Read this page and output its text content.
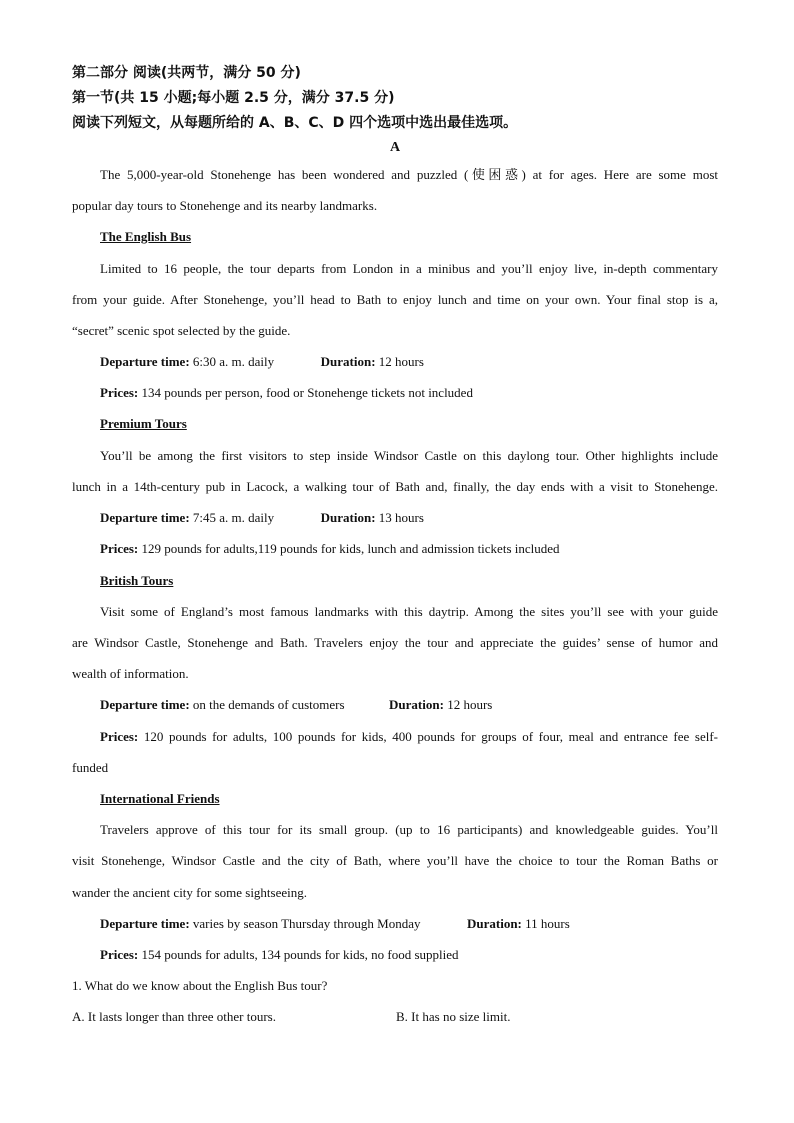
第二部分 阅读(共两节，满分 50 分)
第一节(共 15 小题;每小题 2.5 分，满分 37.5 分)
阅读下列短文，从每题所给的 A、B、C、D 四个选项中选出最佳选项。
A
The 5,000-year-old Stonehenge has been wondered and puzzled (使困惑) at for ages. Here are some most
popular day tours to Stonehenge and its nearby landmarks.
The English Bus
Limited to 16 people, the tour departs from London in a minibus and you’ll enjoy live, in-depth commentary
from your guide. After Stonehenge, you’ll head to Bath to enjoy lunch and time on your own. Your final stop is a,
“secret” scenic spot selected by the guide.
Departure time: 6:30 a. m. daily	Duration: 12 hours
Prices: 134 pounds per person, food or Stonehenge tickets not included
Premium Tours
You’ll be among the first visitors to step inside Windsor Castle on this daylong tour. Other highlights include
lunch in a 14th-century pub in Lacock, a walking tour of Bath and, finally, the day ends with a visit to Stonehenge.
Departure time: 7:45 a. m. daily	Duration: 13 hours
Prices: 129 pounds for adults,119 pounds for kids, lunch and admission tickets included
British Tours
Visit some of England’s most famous landmarks with this daytrip. Among the sites you’ll see with your guide
are Windsor Castle, Stonehenge and Bath. Travelers enjoy the tour and appreciate the guides’ sense of humor and
wealth of information.
Departure time: on the demands of customers	Duration: 12 hours
Prices: 120 pounds for adults, 100 pounds for kids, 400 pounds for groups of four, meal and entrance fee self-
funded
International Friends
Travelers approve of this tour for its small group. (up to 16 participants) and knowledgeable guides. You’ll
visit Stonehenge, Windsor Castle and the city of Bath, where you’ll have the choice to tour the Roman Baths or
wander the ancient city for some sightseeing.
Departure time: varies by season Thursday through Monday	Duration: 11 hours
Prices: 154 pounds for adults, 134 pounds for kids, no food supplied
1. What do we know about the English Bus tour?
A. It lasts longer than three other tours.	B. It has no size limit.
